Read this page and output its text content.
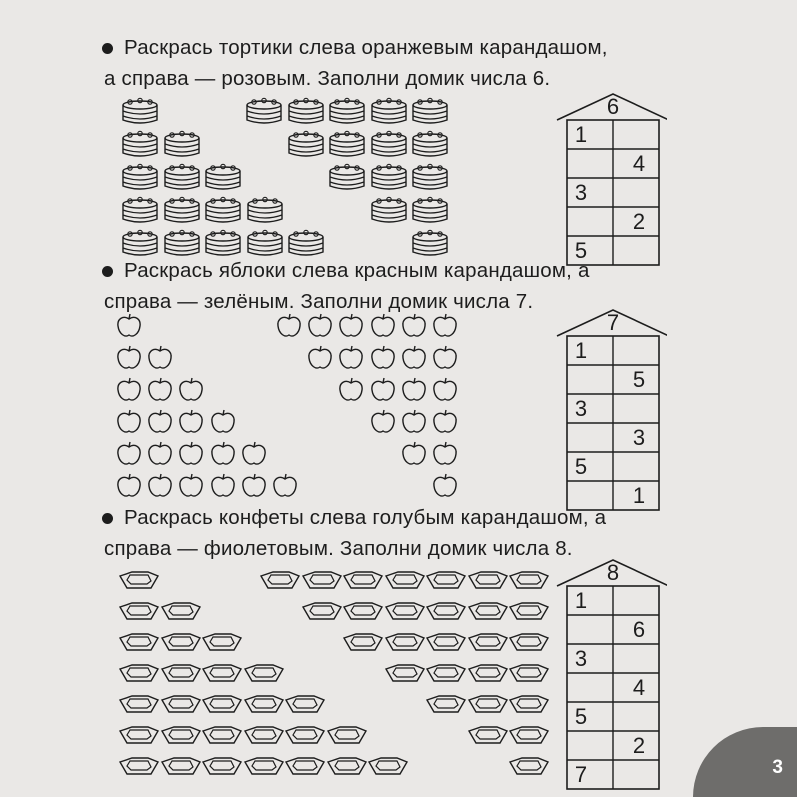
Раскрась тортики слева оранжевым карандашом,
а справа — розовым. Заполни домик числа 6.
Раскрась яблоки слева красным карандашом, а
справа — зелёным. Заполни домик числа 7.
Раскрась конфеты слева голубым карандашом, а
справа — фиолетовым. Заполни домик числа 8.
6
1
4
3
2
5
7
1
5
3
3
5
1
8
1
6
3
4
5
2
7	3
